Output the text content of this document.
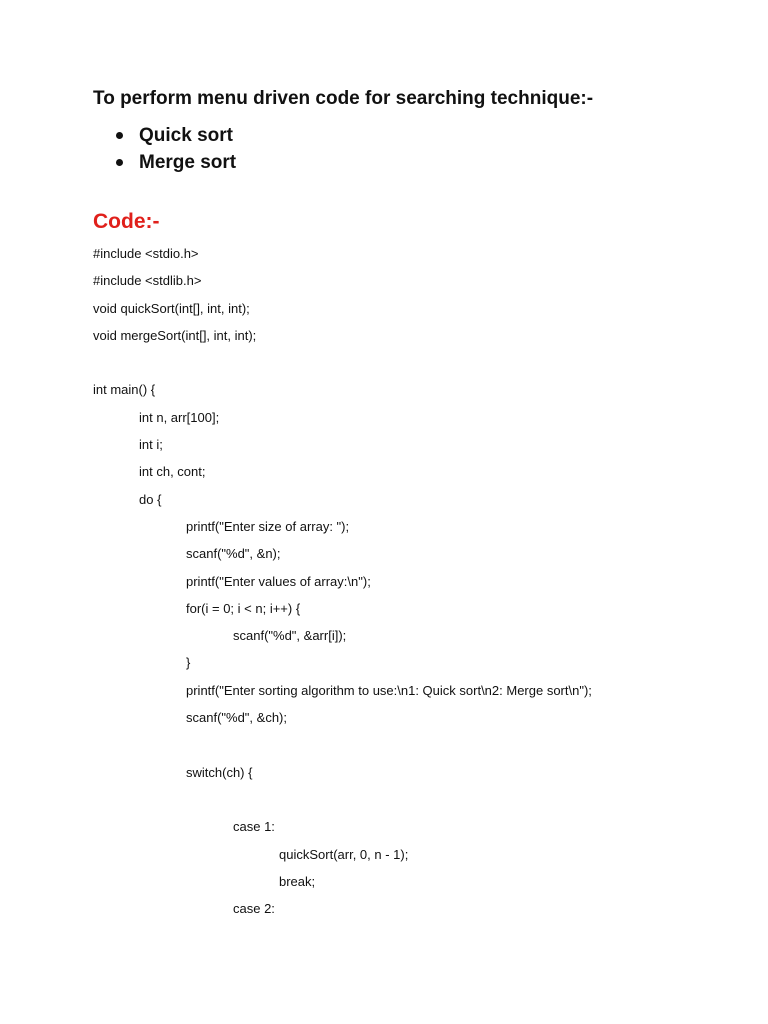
To perform menu driven code for searching technique:-
Quick sort
Merge sort
Code:-
#include <stdio.h>
#include <stdlib.h>
void quickSort(int[], int, int);
void mergeSort(int[], int, int);
int main() {
int n, arr[100];
int i;
int ch, cont;
do {
printf("Enter size of array: ");
scanf("%d", &n);
printf("Enter values of array:\n");
for(i = 0; i < n; i++) {
scanf("%d", &arr[i]);
}
printf("Enter sorting algorithm to use:\n1: Quick sort\n2: Merge sort\n");
scanf("%d", &ch);
switch(ch) {
case 1:
quickSort(arr, 0, n - 1);
break;
case 2:
